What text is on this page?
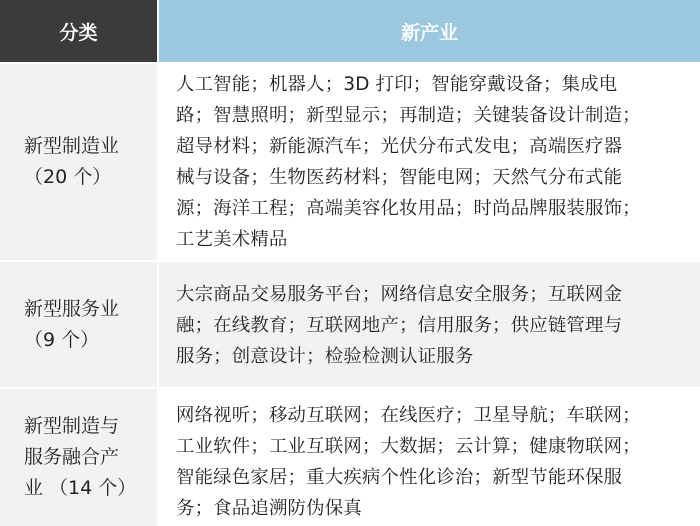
分类	新产业
新型制造业
（20 个）
人工智能；机器人；3D 打印；智能穿戴设备；集成电
路；智慧照明；新型显示；再制造；关键装备设计制造；
超导材料；新能源汽车；光伏分布式发电；高端医疗器
械与设备；生物医药材料；智能电网；天然气分布式能
源；海洋工程；高端美容化妆用品；时尚品牌服装服饰；
工艺美术精品
新型服务业
（9 个）
大宗商品交易服务平台；网络信息安全服务；互联网金
融；在线教育；互联网地产；信用服务；供应链管理与
服务；创意设计；检验检测认证服务
新型制造与
服务融合产
业 （14 个）
网络视听；移动互联网；在线医疗；卫星导航；车联网；
工业软件；工业互联网；大数据；云计算；健康物联网；
智能绿色家居；重大疾病个性化诊治；新型节能环保服
务；食品追溯防伪保真
